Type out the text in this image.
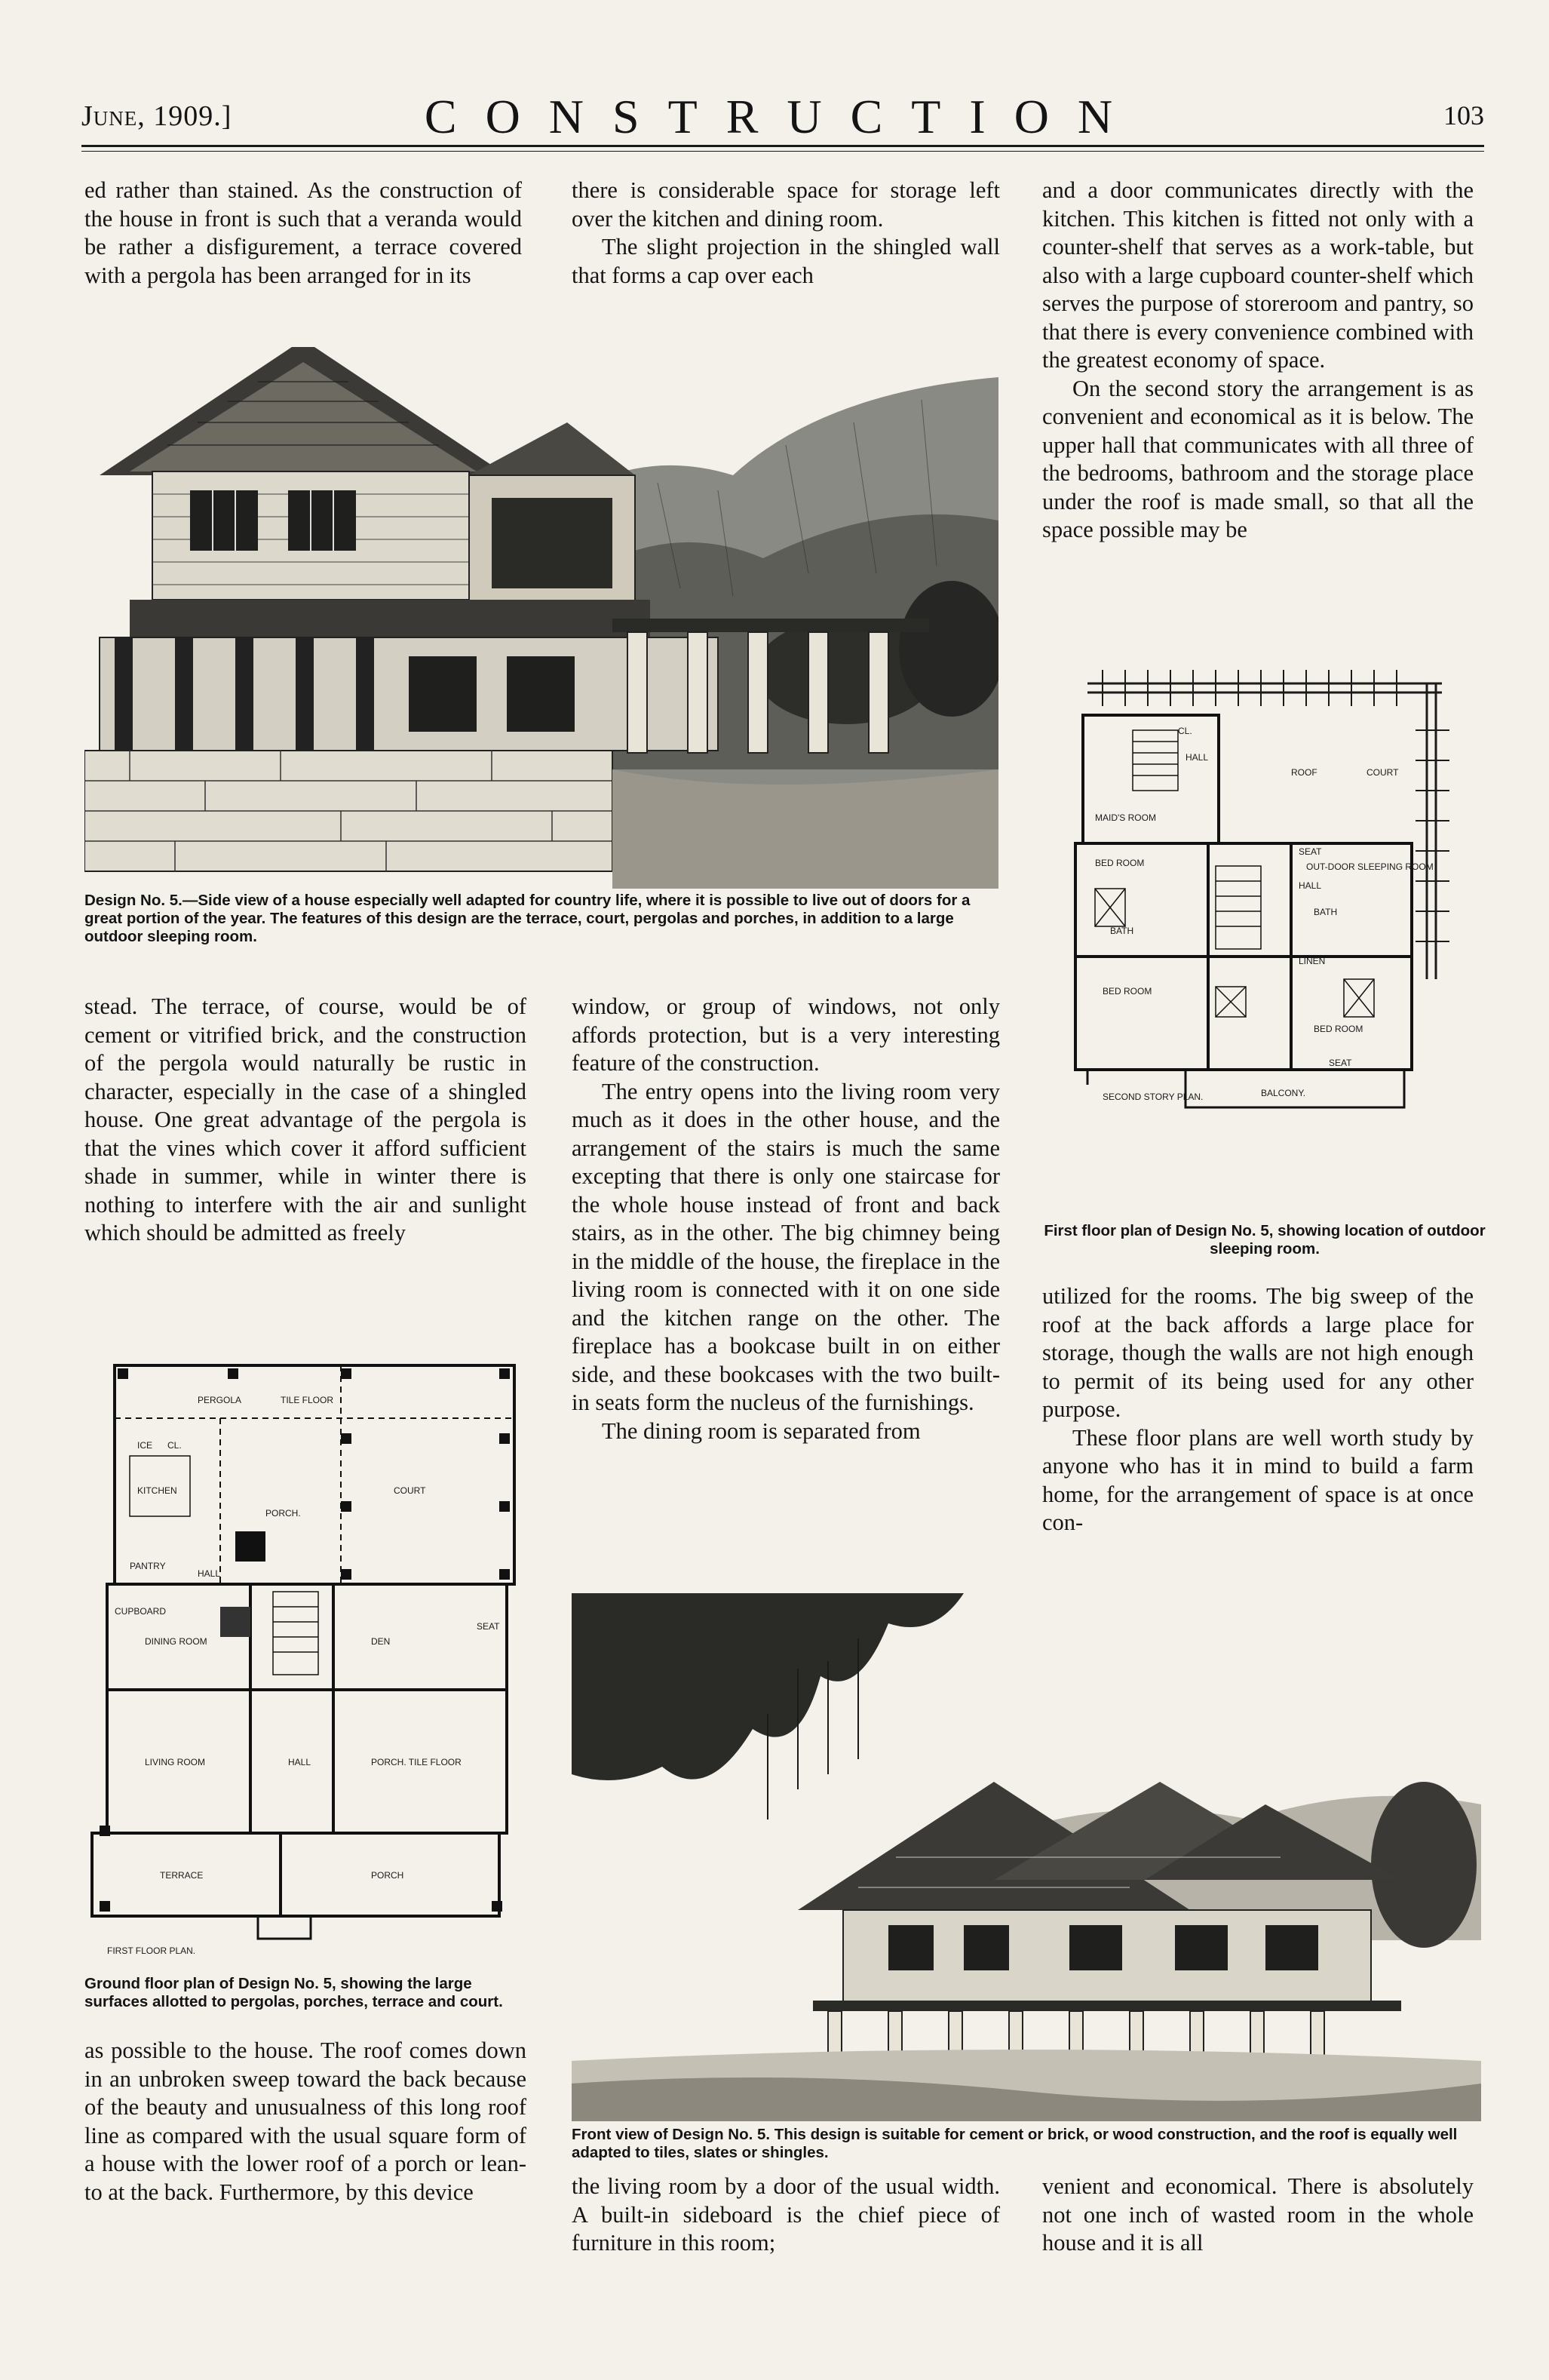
June, 1909.]	CONSTRUCTION	103

ed rather than stained. As the construction of the house in front is such that a veranda would be rather a disfigurement, a terrace covered with a pergola has been arranged for in its

there is considerable space for storage left over the kitchen and dining room.

The slight projection in the shingled wall that forms a cap over each

and a door communicates directly with the kitchen. This kitchen is fitted not only with a counter-shelf that serves as a work-table, but also with a large cupboard counter-shelf which serves the purpose of storeroom and pantry, so that there is every convenience combined with the greatest economy of space.

On the second story the arrangement is as convenient and economical as it is below. The upper hall that communicates with all three of the bedrooms, bathroom and the storage place under the roof is made small, so that all the space possible may be

Design No. 5.—Side view of a house especially well adapted for country life, where it is possible to live out of doors for a great portion of the year. The features of this design are the terrace, court, pergolas and porches, in addition to a large outdoor sleeping room.
ROOF	COURT
HALL
MAID'S ROOM
CL.
SEAT
HALL
OUT-DOOR SLEEPING ROOM
BED ROOM
BATH
BATH
LINEN
BED ROOM
BED ROOM
SEAT
SECOND STORY PLAN.	BALCONY.
First floor plan of Design No. 5, showing location of outdoor sleeping room.

stead. The terrace, of course, would be of cement or vitrified brick, and the construction of the pergola would naturally be rustic in character, especially in the case of a shingled house. One great advantage of the pergola is that the vines which cover it afford sufficient shade in summer, while in winter there is nothing to interfere with the air and sunlight which should be admitted as freely

window, or group of windows, not only affords protection, but is a very interesting feature of the construction.

The entry opens into the living room very much as it does in the other house, and the arrangement of the stairs is much the same excepting that there is only one staircase for the whole house instead of front and back stairs, as in the other. The big chimney being in the middle of the house, the fireplace in the living room is connected with it on one side and the kitchen range on the other. The fireplace has a bookcase built in on either side, and these bookcases with the two built-in seats form the nucleus of the furnishings.

The dining room is separated from

utilized for the rooms. The big sweep of the roof at the back affords a large place for storage, though the walls are not high enough to permit of its being used for any other purpose.

These floor plans are well worth study by anyone who has it in mind to build a farm home, for the arrangement of space is at once con-

PERGOLA	TILE FLOOR
COURT
ICE CL.
KITCHEN
PORCH.
PANTRY
HALL
DINING ROOM	DEN
CUPBOARD
SEAT
LIVING ROOM	HALL	PORCH. TILE FLOOR
TERRACE	PORCH
FIRST FLOOR PLAN.
Ground floor plan of Design No. 5, showing the large surfaces allotted to pergolas, porches, terrace and court.
Front view of Design No. 5. This design is suitable for cement or brick, or wood construction, and the roof is equally well adapted to tiles, slates or shingles.

as possible to the house. The roof comes down in an unbroken sweep toward the back because of the beauty and unusualness of this long roof line as compared with the usual square form of a house with the lower roof of a porch or lean-to at the back. Furthermore, by this device	the living room by a door of the usual width. A built-in sideboard is the chief piece of furniture in this room;

venient and economical. There is absolutely not one inch of wasted room in the whole house and it is all
